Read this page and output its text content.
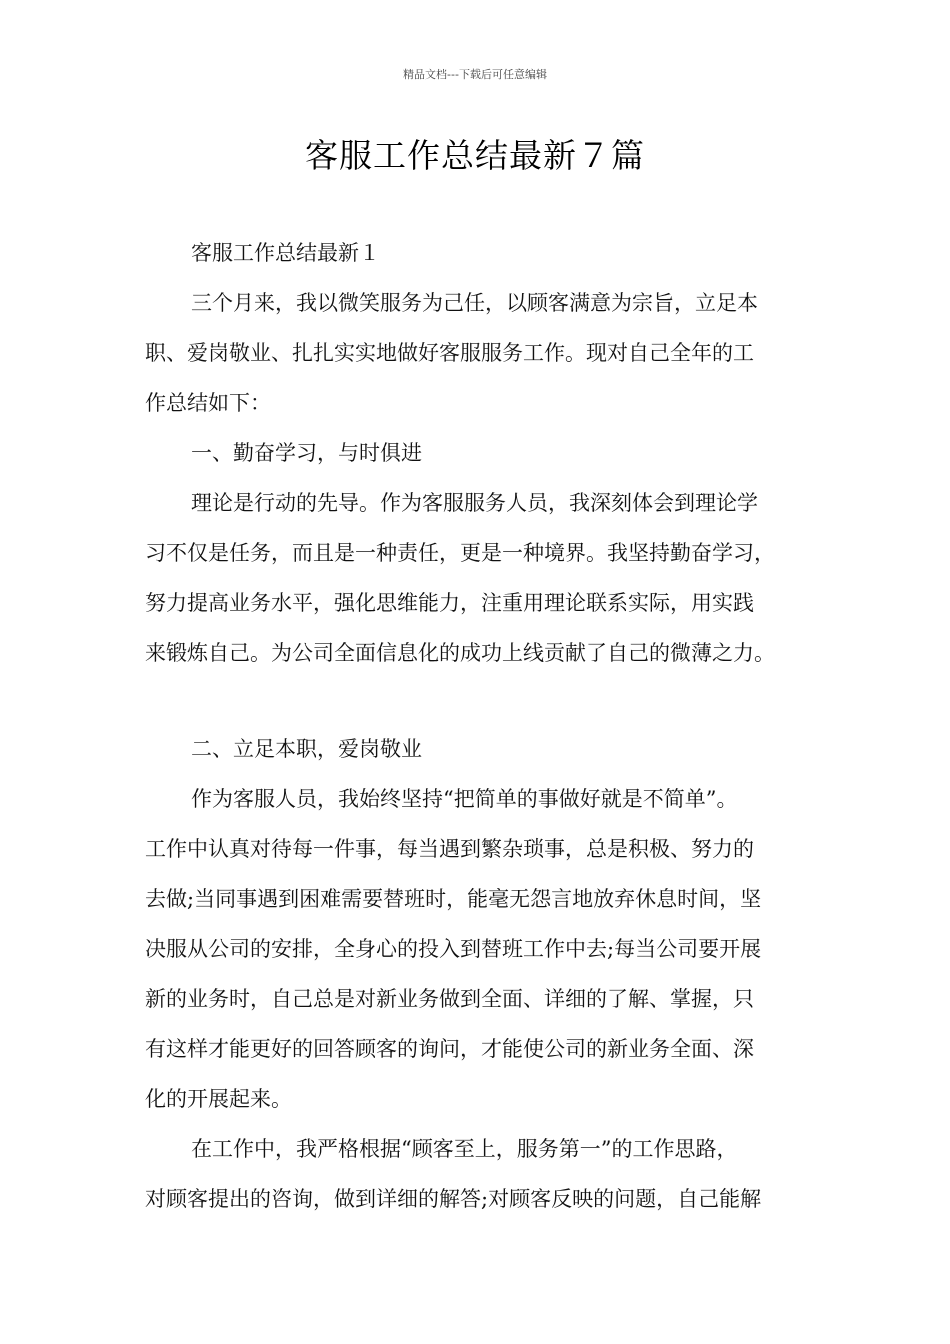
精品文档---下载后可任意编辑
客服工作总结最新７篇

客服工作总结最新１

三个月来，我以微笑服务为己任，以顾客满意为宗旨，立足本
职、爱岗敬业、扎扎实实地做好客服服务工作。现对自己全年的工
作总结如下：

一、勤奋学习，与时俱进

理论是行动的先导。作为客服服务人员，我深刻体会到理论学
习不仅是任务，而且是一种责任，更是一种境界。我坚持勤奋学习，
努力提高业务水平，强化思维能力，注重用理论联系实际，用实践
来锻炼自己。为公司全面信息化的成功上线贡献了自己的微薄之力。

二、立足本职，爱岗敬业

作为客服人员，我始终坚持“把简单的事做好就是不简单”。
工作中认真对待每一件事，每当遇到繁杂琐事，总是积极、努力的
去做;当同事遇到困难需要替班时，能毫无怨言地放弃休息时间，坚
决服从公司的安排，全身心的投入到替班工作中去;每当公司要开展
新的业务时，自己总是对新业务做到全面、详细的了解、掌握，只
有这样才能更好的回答顾客的询问，才能使公司的新业务全面、深
化的开展起来。

在工作中，我严格根据“顾客至上，服务第一”的工作思路，
对顾客提出的咨询，做到详细的解答;对顾客反映的问题，自己能解
